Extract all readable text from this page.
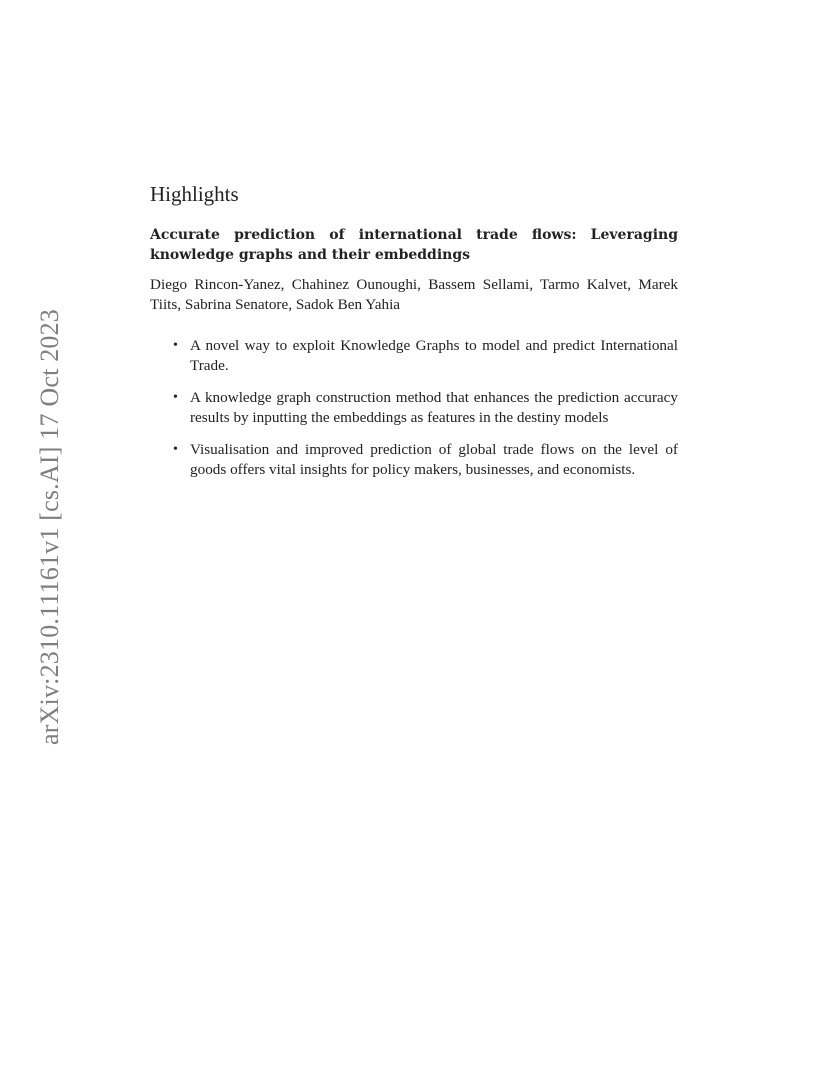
arXiv:2310.11161v1 [cs.AI] 17 Oct 2023
Highlights
Accurate prediction of international trade flows: Leveraging knowledge graphs and their embeddings
Diego Rincon-Yanez, Chahinez Ounoughi, Bassem Sellami, Tarmo Kalvet, Marek Tiits, Sabrina Senatore, Sadok Ben Yahia
• A novel way to exploit Knowledge Graphs to model and predict International Trade.
• A knowledge graph construction method that enhances the prediction accuracy results by inputting the embeddings as features in the destiny models
• Visualisation and improved prediction of global trade flows on the level of goods offers vital insights for policy makers, businesses, and economists.
